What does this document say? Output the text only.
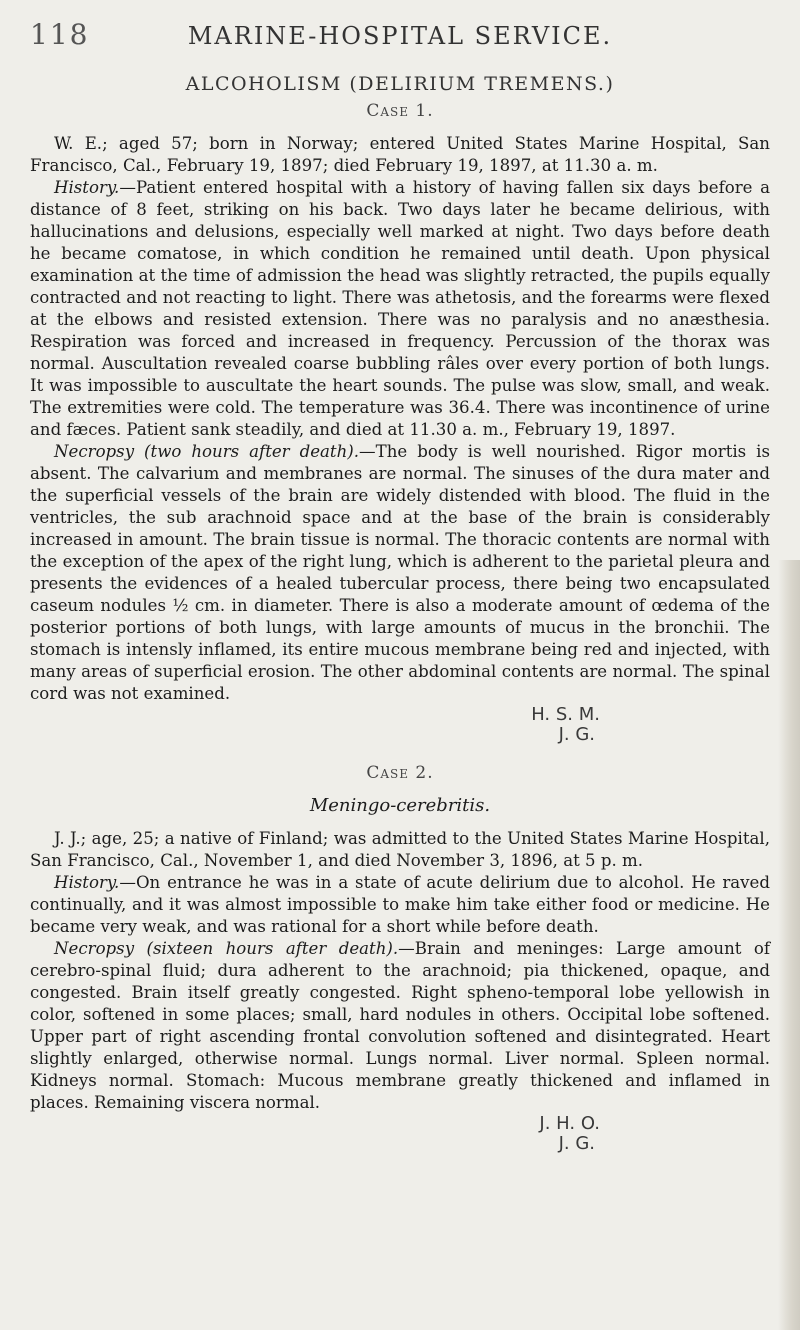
118	MARINE-HOSPITAL SERVICE.
ALCOHOLISM (DELIRIUM TREMENS.)
Case 1.

W. E.; aged 57; born in Norway; entered United States Marine Hospital, San Francisco, Cal., February 19, 1897; died February 19, 1897, at 11.30 a. m.

History.—Patient entered hospital with a history of having fallen six days before a distance of 8 feet, striking on his back. Two days later he became delirious, with hallucinations and delusions, especially well marked at night. Two days before death he became comatose, in which condition he remained until death. Upon physical examination at the time of admission the head was slightly retracted, the pupils equally contracted and not reacting to light. There was athetosis, and the forearms were flexed at the elbows and resisted extension. There was no paralysis and no anæsthesia. Respiration was forced and increased in frequency. Percussion of the thorax was normal. Auscultation revealed coarse bubbling râles over every portion of both lungs. It was impossible to auscultate the heart sounds. The pulse was slow, small, and weak. The extremities were cold. The temperature was 36.4. There was incontinence of urine and fæces. Patient sank steadily, and died at 11.30 a. m., February 19, 1897.

Necropsy (two hours after death).—The body is well nourished. Rigor mortis is absent. The calvarium and membranes are normal. The sinuses of the dura mater and the superficial vessels of the brain are widely distended with blood. The fluid in the ventricles, the sub arachnoid space and at the base of the brain is considerably increased in amount. The brain tissue is normal. The thoracic contents are normal with the exception of the apex of the right lung, which is adherent to the parietal pleura and presents the evidences of a healed tubercular process, there being two encapsulated caseum nodules ½ cm. in diameter. There is also a moderate amount of œdema of the posterior portions of both lungs, with large amounts of mucus in the bronchii. The stomach is intensly inflamed, its entire mucous membrane being red and injected, with many areas of superficial erosion. The other abdominal contents are normal. The spinal cord was not examined.

H. S. M.
J. G.
Case 2.
Meningo-cerebritis.

J. J.; age, 25; a native of Finland; was admitted to the United States Marine Hospital, San Francisco, Cal., November 1, and died November 3, 1896, at 5 p. m.

History.—On entrance he was in a state of acute delirium due to alcohol. He raved continually, and it was almost impossible to make him take either food or medicine. He became very weak, and was rational for a short while before death.

Necropsy (sixteen hours after death).—Brain and meninges: Large amount of cerebro-spinal fluid; dura adherent to the arachnoid; pia thickened, opaque, and congested. Brain itself greatly congested. Right spheno-temporal lobe yellowish in color, softened in some places; small, hard nodules in others. Occipital lobe softened. Upper part of right ascending frontal convolution softened and disintegrated. Heart slightly enlarged, otherwise normal. Lungs normal. Liver normal. Spleen normal. Kidneys normal. Stomach: Mucous membrane greatly thickened and inflamed in places. Remaining viscera normal.

J. H. O.
J. G.
